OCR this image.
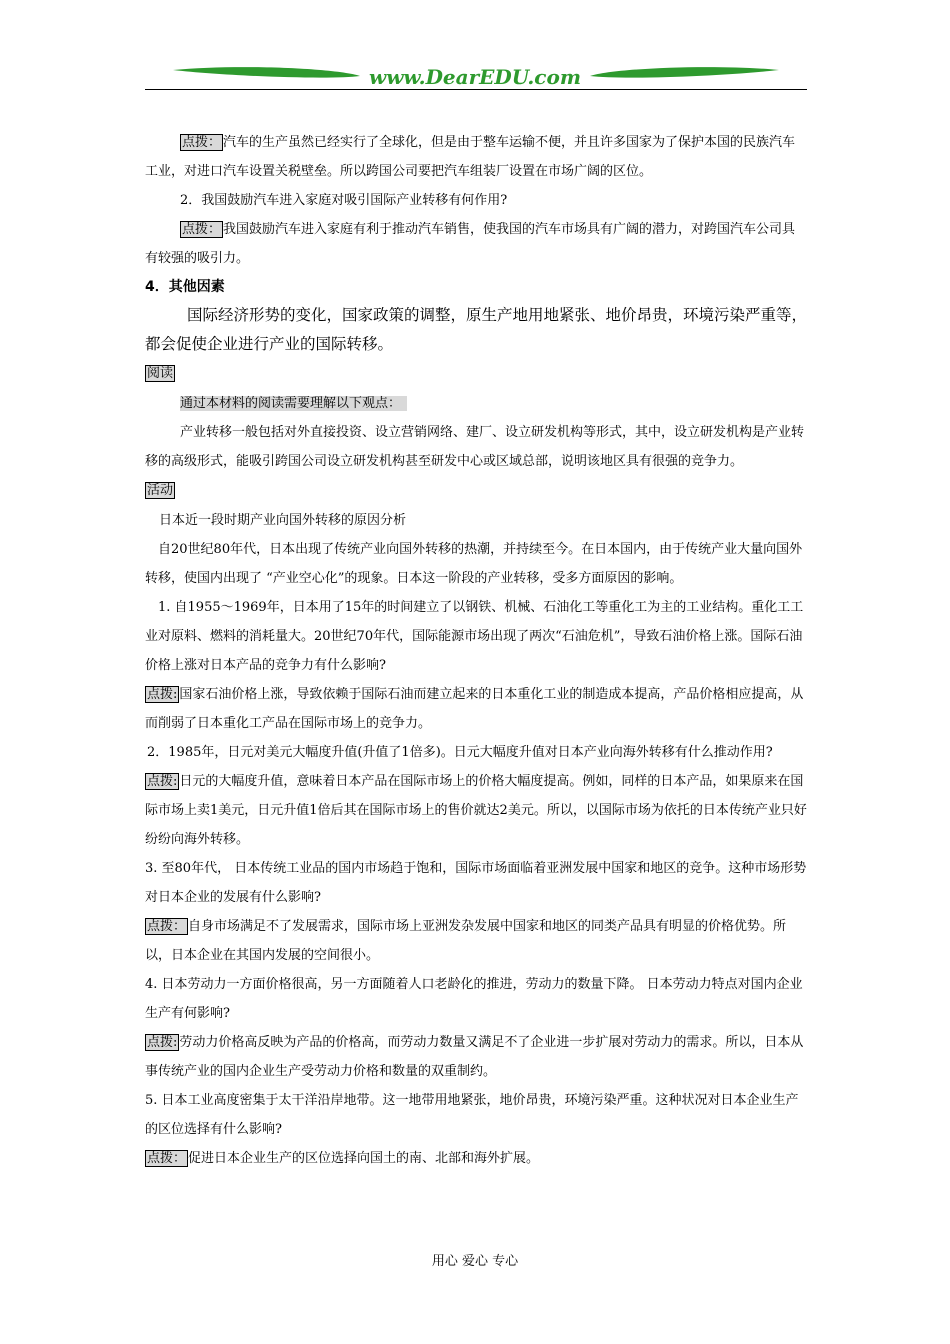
www.DearEDU.com

点拨： 汽车的生产虽然已经实行了全球化，但是由于整车运输不便，并且许多国家为了保护本国的民族汽车工业，对进口汽车设置关税壁垒。所以跨国公司要把汽车组装厂设置在市场广阔的区位。

2．我国鼓励汽车进入家庭对吸引国际产业转移有何作用?

点拨： 我国鼓励汽车进入家庭有利于推动汽车销售，使我国的汽车市场具有广阔的潜力，对跨国汽车公司具有较强的吸引力。

4．其他因素

国际经济形势的变化，国家政策的调整，原生产地用地紧张、地价昂贵，环境污染严重等，都会促使企业进行产业的国际转移。

阅读

通过本材料的阅读需要理解以下观点：

产业转移一般包括对外直接投资、设立营销网络、建厂、设立研发机构等形式，其中，设立研发机构是产业转移的高级形式，能吸引跨国公司设立研发机构甚至研发中心或区域总部，说明该地区具有很强的竞争力。

活动

日本近一段时期产业向国外转移的原因分析

自20世纪80年代，日本出现了传统产业向国外转移的热潮，并持续至今。在日本国内，由于传统产业大量向国外转移，使国内出现了 “产业空心化”的现象。日本这一阶段的产业转移，受多方面原因的影响。

1. 自1955～1969年，日本用了15年的时间建立了以钢铁、机械、石油化工等重化工为主的工业结构。重化工工业对原料、燃料的消耗量大。20世纪70年代，国际能源市场出现了两次“石油危机”，导致石油价格上涨。国际石油价格上涨对日本产品的竞争力有什么影响?

点拨: 国家石油价格上涨，导致依赖于国际石油而建立起来的日本重化工业的制造成本提高，产品价格相应提高，从而削弱了日本重化工产品在国际市场上的竞争力。

2．1985年，日元对美元大幅度升值(升值了1倍多)。日元大幅度升值对日本产业向海外转移有什么推动作用?

点拨: 日元的大幅度升值，意味着日本产品在国际市场上的价格大幅度提高。例如，同样的日本产品，如果原来在国际市场上卖1美元，日元升值1倍后其在国际市场上的售价就达2美元。所以，以国际市场为依托的日本传统产业只好纷纷向海外转移。

3. 至80年代， 日本传统工业品的国内市场趋于饱和，国际市场面临着亚洲发展中国家和地区的竞争。这种市场形势对日本企业的发展有什么影响?

点拨： 自身市场满足不了发展需求，国际市场上亚洲发杂发展中国家和地区的同类产品具有明显的价格优势。所以，日本企业在其国内发展的空间很小。

4. 日本劳动力一方面价格很高，另一方面随着人口老龄化的推进，劳动力的数量下降。 日本劳动力特点对国内企业生产有何影响?

点拨: 劳动力价格高反映为产品的价格高，而劳动力数量又满足不了企业进一步扩展对劳动力的需求。所以，日本从事传统产业的国内企业生产受劳动力价格和数量的双重制约。

5. 日本工业高度密集于太干洋沿岸地带。这一地带用地紧张，地价昂贵，环境污染严重。这种状况对日本企业生产的区位选择有什么影响?

点拨： 促进日本企业生产的区位选择向国土的南、北部和海外扩展。

用心 爱心 专心
